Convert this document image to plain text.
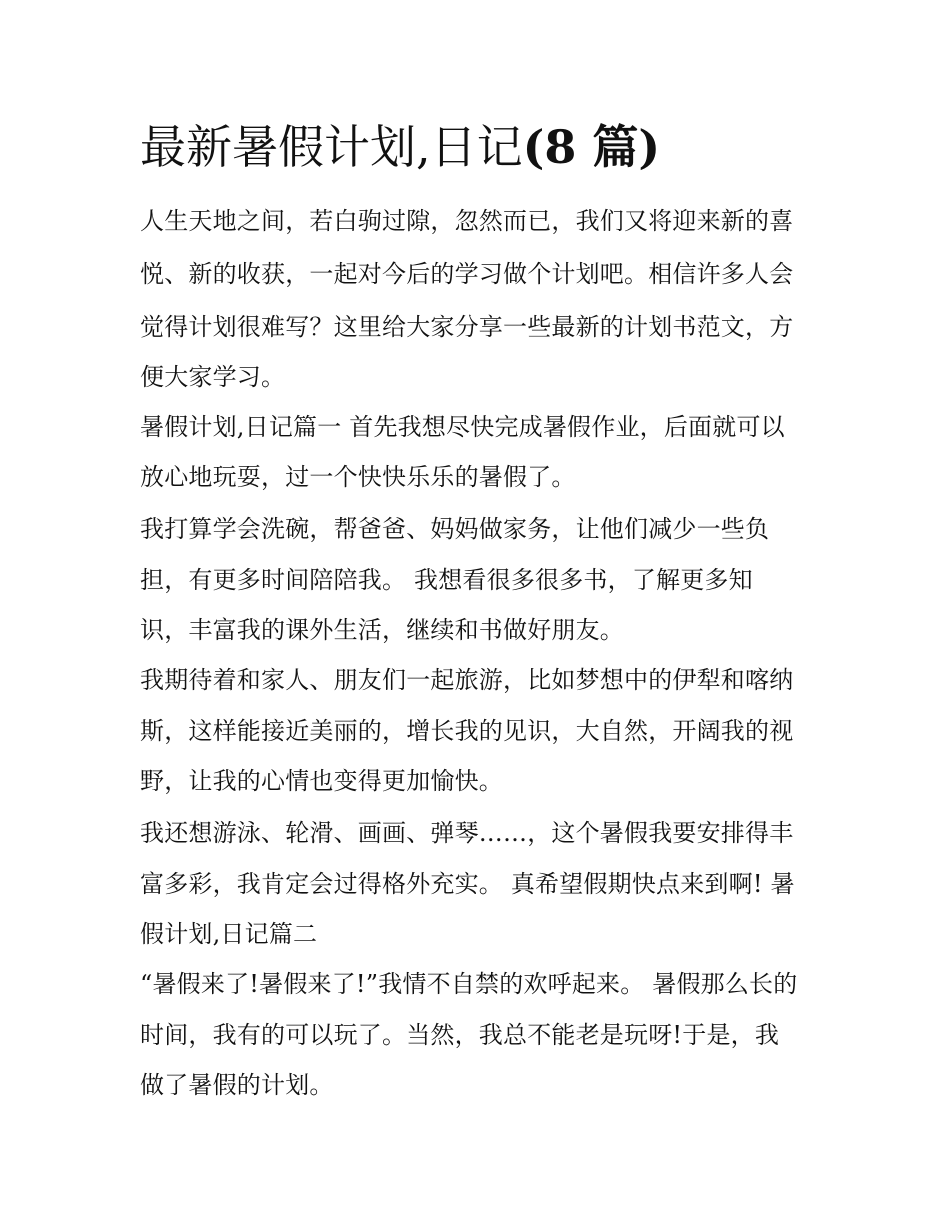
最新暑假计划,日记(8 篇)
人生天地之间，若白驹过隙，忽然而已，我们又将迎来新的喜
悦、新的收获，一起对今后的学习做个计划吧。相信许多人会
觉得计划很难写？这里给大家分享一些最新的计划书范文，方
便大家学习。
暑假计划,日记篇一 首先我想尽快完成暑假作业，后面就可以
放心地玩耍，过一个快快乐乐的暑假了。
我打算学会洗碗，帮爸爸、妈妈做家务，让他们减少一些负
担，有更多时间陪陪我。 我想看很多很多书，了解更多知
识，丰富我的课外生活，继续和书做好朋友。
我期待着和家人、朋友们一起旅游，比如梦想中的伊犁和喀纳
斯，这样能接近美丽的，增长我的见识，大自然，开阔我的视
野，让我的心情也变得更加愉快。
我还想游泳、轮滑、画画、弹琴……，这个暑假我要安排得丰
富多彩，我肯定会过得格外充实。 真希望假期快点来到啊! 暑
假计划,日记篇二
“暑假来了!暑假来了!”我情不自禁的欢呼起来。 暑假那么长的
时间，我有的可以玩了。当然，我总不能老是玩呀!于是，我
做了暑假的计划。
